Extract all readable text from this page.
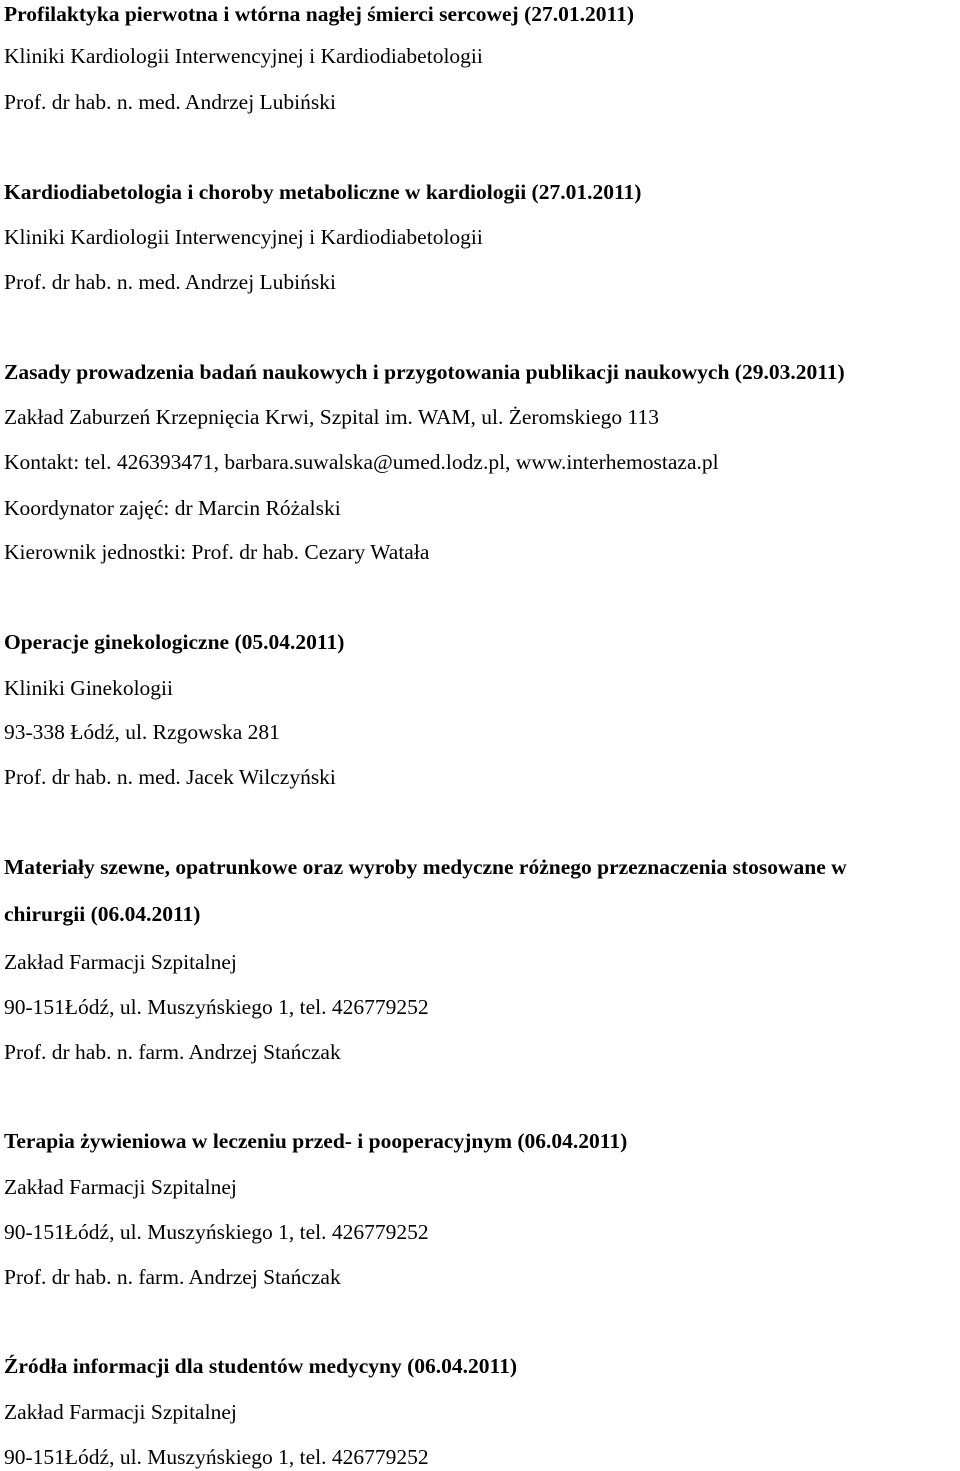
Profilaktyka pierwotna i wtórna nagłej śmierci sercowej (27.01.2011)

Kliniki Kardiologii Interwencyjnej i Kardiodiabetologii

Prof. dr hab. n. med. Andrzej Lubiński

Kardiodiabetologia i choroby metaboliczne w kardiologii (27.01.2011)

Kliniki Kardiologii Interwencyjnej i Kardiodiabetologii

Prof. dr hab. n. med. Andrzej Lubiński

Zasady prowadzenia badań naukowych i przygotowania publikacji naukowych (29.03.2011)

Zakład Zaburzeń Krzepnięcia Krwi, Szpital im. WAM, ul. Żeromskiego 113

Kontakt: tel. 426393471, barbara.suwalska@umed.lodz.pl, www.interhemostaza.pl

Koordynator zajęć: dr Marcin Różalski

Kierownik jednostki: Prof. dr hab. Cezary Watała

Operacje ginekologiczne (05.04.2011)

Kliniki Ginekologii

93-338 Łódź, ul. Rzgowska 281

Prof. dr hab. n. med. Jacek Wilczyński

Materiały szewne, opatrunkowe oraz wyroby medyczne różnego przeznaczenia stosowane w

chirurgii (06.04.2011)

Zakład Farmacji Szpitalnej

90-151Łódź, ul. Muszyńskiego 1, tel. 426779252

Prof. dr hab. n. farm. Andrzej Stańczak

Terapia żywieniowa w leczeniu przed- i pooperacyjnym (06.04.2011)

Zakład Farmacji Szpitalnej

90-151Łódź, ul. Muszyńskiego 1, tel. 426779252

Prof. dr hab. n. farm. Andrzej Stańczak

Źródła informacji dla studentów medycyny (06.04.2011)

Zakład Farmacji Szpitalnej

90-151Łódź, ul. Muszyńskiego 1, tel. 426779252
